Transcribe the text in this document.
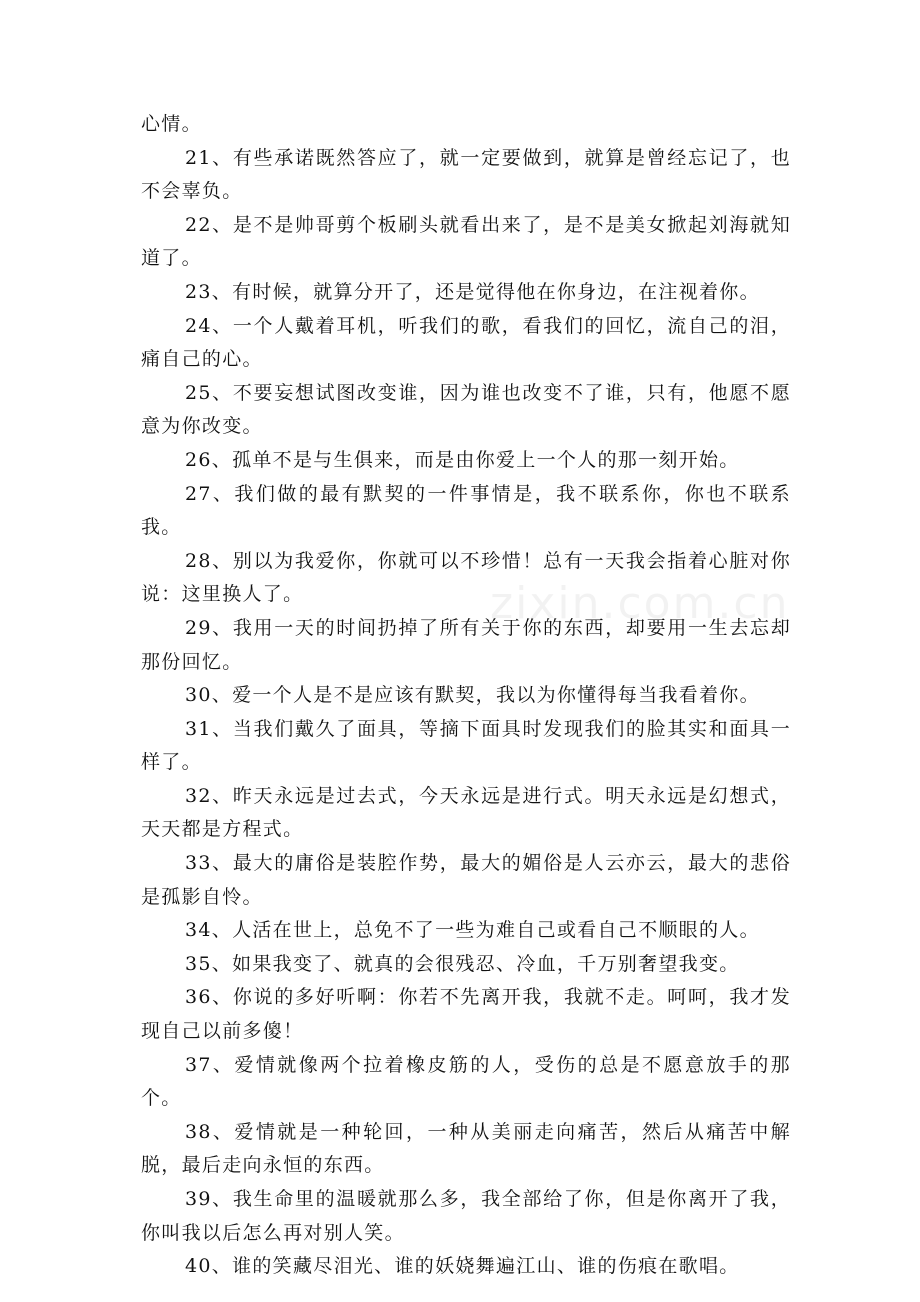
心情。

21、有些承诺既然答应了，就一定要做到，就算是曾经忘记了，也不会辜负。

22、是不是帅哥剪个板刷头就看出来了，是不是美女掀起刘海就知道了。

23、有时候，就算分开了，还是觉得他在你身边，在注视着你。

24、一个人戴着耳机，听我们的歌，看我们的回忆，流自己的泪，痛自己的心。

25、不要妄想试图改变谁，因为谁也改变不了谁，只有，他愿不愿意为你改变。

26、孤单不是与生俱来，而是由你爱上一个人的那一刻开始。

27、我们做的最有默契的一件事情是，我不联系你，你也不联系我。

28、别以为我爱你，你就可以不珍惜！总有一天我会指着心脏对你说：这里换人了。

29、我用一天的时间扔掉了所有关于你的东西，却要用一生去忘却那份回忆。

30、爱一个人是不是应该有默契，我以为你懂得每当我看着你。

31、当我们戴久了面具，等摘下面具时发现我们的脸其实和面具一样了。

32、昨天永远是过去式，今天永远是进行式。明天永远是幻想式，天天都是方程式。

33、最大的庸俗是装腔作势，最大的媚俗是人云亦云，最大的悲俗是孤影自怜。

34、人活在世上，总免不了一些为难自己或看自己不顺眼的人。

35、如果我变了、就真的会很残忍、冷血，千万别奢望我变。

36、你说的多好听啊：你若不先离开我，我就不走。呵呵，我才发现自己以前多傻！

37、爱情就像两个拉着橡皮筋的人，受伤的总是不愿意放手的那个。

38、爱情就是一种轮回，一种从美丽走向痛苦，然后从痛苦中解脱，最后走向永恒的东西。

39、我生命里的温暖就那么多，我全部给了你，但是你离开了我，你叫我以后怎么再对别人笑。

40、谁的笑藏尽泪光、谁的妖娆舞遍江山、谁的伤痕在歌唱。

zixin.com.cn
